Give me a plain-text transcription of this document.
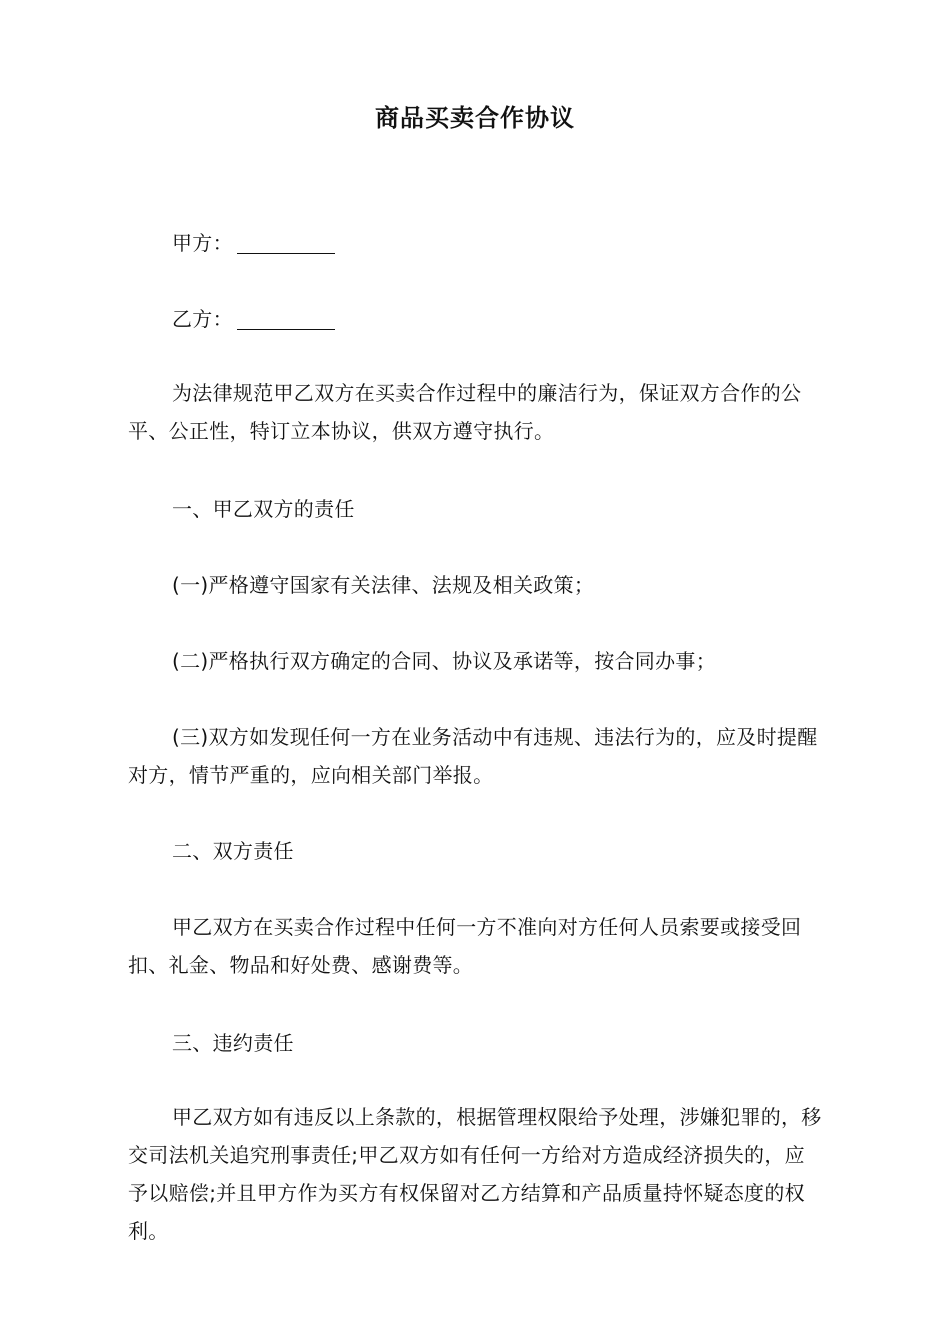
商品买卖合作协议

甲方：

乙方：

为法律规范甲乙双方在买卖合作过程中的廉洁行为，保证双方合作的公平、公正性，特订立本协议，供双方遵守执行。

一、甲乙双方的责任

(一)严格遵守国家有关法律、法规及相关政策；

(二)严格执行双方确定的合同、协议及承诺等，按合同办事；

(三)双方如发现任何一方在业务活动中有违规、违法行为的，应及时提醒对方，情节严重的，应向相关部门举报。

二、双方责任

甲乙双方在买卖合作过程中任何一方不准向对方任何人员索要或接受回扣、礼金、物品和好处费、感谢费等。

三、违约责任

甲乙双方如有违反以上条款的，根据管理权限给予处理，涉嫌犯罪的，移交司法机关追究刑事责任;甲乙双方如有任何一方给对方造成经济损失的，应予以赔偿;并且甲方作为买方有权保留对乙方结算和产品质量持怀疑态度的权利。
